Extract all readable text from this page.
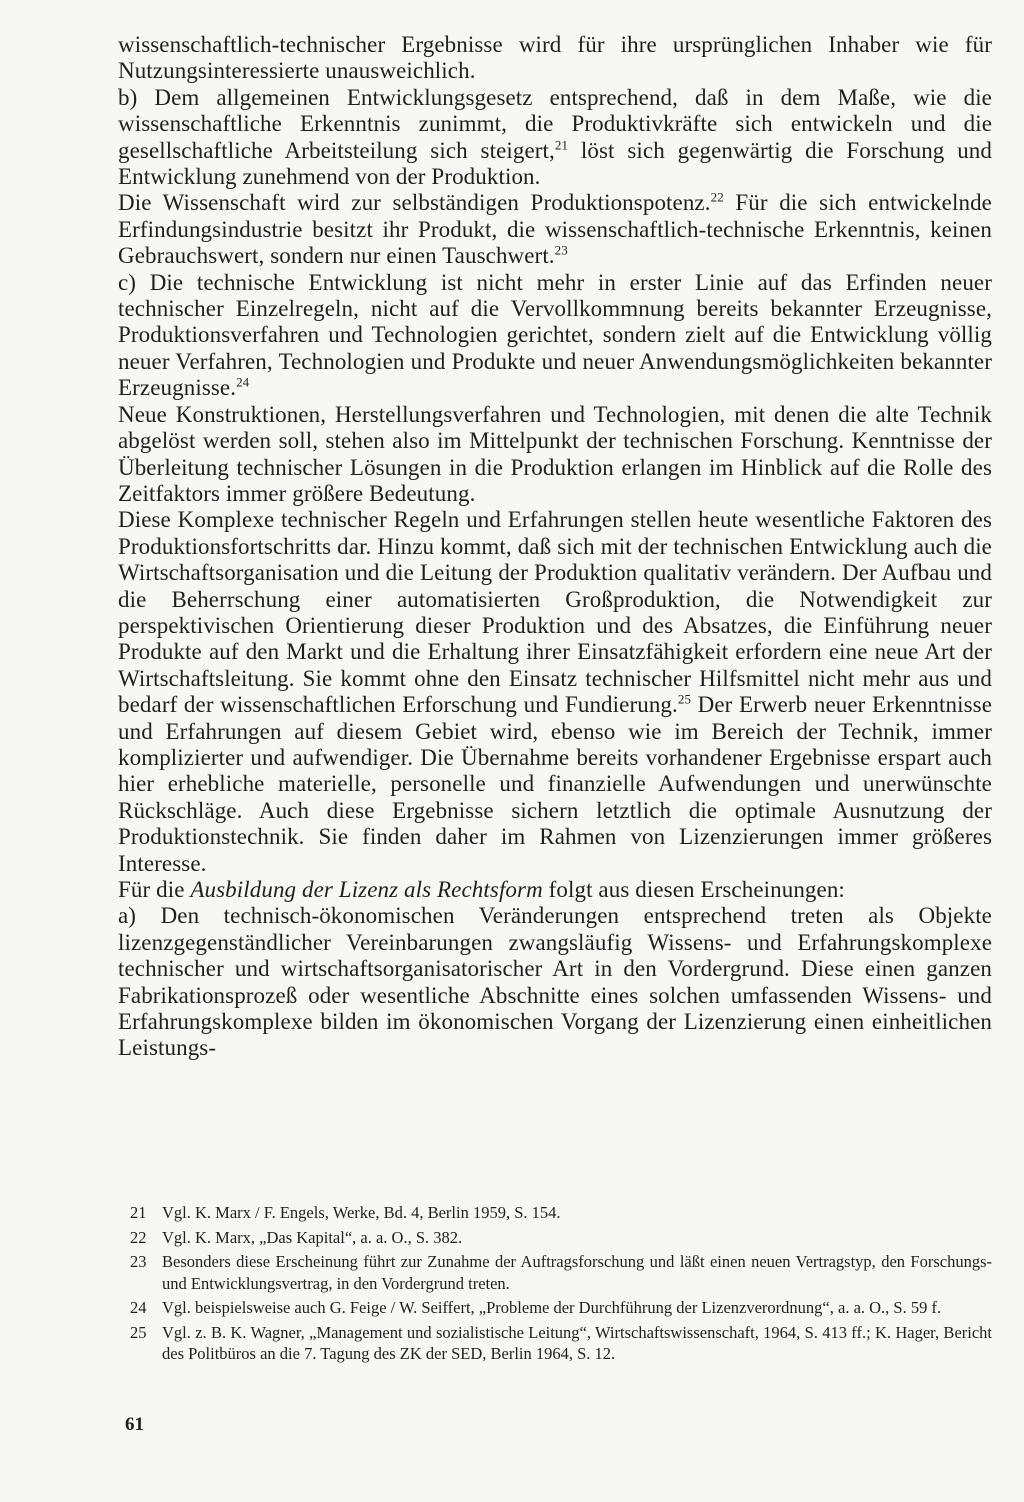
wissenschaftlich-technischer Ergebnisse wird für ihre ursprünglichen Inhaber wie für Nutzungsinteressierte unausweichlich.

b) Dem allgemeinen Entwicklungsgesetz entsprechend, daß in dem Maße, wie die wissenschaftliche Erkenntnis zunimmt, die Produktivkräfte sich entwickeln und die gesellschaftliche Arbeitsteilung sich steigert,$^{21}$ löst sich gegenwärtig die Forschung und Entwicklung zunehmend von der Produktion.

Die Wissenschaft wird zur selbständigen Produktionspotenz.$^{22}$ Für die sich entwickelnde Erfindungsindustrie besitzt ihr Produkt, die wissenschaftlich-technische Erkenntnis, keinen Gebrauchswert, sondern nur einen Tauschwert.$^{23}$

c) Die technische Entwicklung ist nicht mehr in erster Linie auf das Erfinden neuer technischer Einzelregeln, nicht auf die Vervollkommnung bereits bekannter Erzeugnisse, Produktionsverfahren und Technologien gerichtet, sondern zielt auf die Entwicklung völlig neuer Verfahren, Technologien und Produkte und neuer Anwendungsmöglichkeiten bekannter Erzeugnisse.$^{24}$

Neue Konstruktionen, Herstellungsverfahren und Technologien, mit denen die alte Technik abgelöst werden soll, stehen also im Mittelpunkt der technischen Forschung. Kenntnisse der Überleitung technischer Lösungen in die Produktion erlangen im Hinblick auf die Rolle des Zeitfaktors immer größere Bedeutung.

Diese Komplexe technischer Regeln und Erfahrungen stellen heute wesentliche Faktoren des Produktionsfortschritts dar. Hinzu kommt, daß sich mit der technischen Entwicklung auch die Wirtschaftsorganisation und die Leitung der Produktion qualitativ verändern. Der Aufbau und die Beherrschung einer automatisierten Großproduktion, die Notwendigkeit zur perspektivischen Orientierung dieser Produktion und des Absatzes, die Einführung neuer Produkte auf den Markt und die Erhaltung ihrer Einsatzfähigkeit erfordern eine neue Art der Wirtschaftsleitung. Sie kommt ohne den Einsatz technischer Hilfsmittel nicht mehr aus und bedarf der wissenschaftlichen Erforschung und Fundierung.$^{25}$ Der Erwerb neuer Erkenntnisse und Erfahrungen auf diesem Gebiet wird, ebenso wie im Bereich der Technik, immer komplizierter und aufwendiger. Die Übernahme bereits vorhandener Ergebnisse erspart auch hier erhebliche materielle, personelle und finanzielle Aufwendungen und unerwünschte Rückschläge. Auch diese Ergebnisse sichern letztlich die optimale Ausnutzung der Produktionstechnik. Sie finden daher im Rahmen von Lizenzierungen immer größeres Interesse.

Für die Ausbildung der Lizenz als Rechtsform folgt aus diesen Erscheinungen:

a) Den technisch-ökonomischen Veränderungen entsprechend treten als Objekte lizenzgegenständlicher Vereinbarungen zwangsläufig Wissens- und Erfahrungskomplexe technischer und wirtschaftsorganisatorischer Art in den Vordergrund. Diese einen ganzen Fabrikationsprozeß oder wesentliche Abschnitte eines solchen umfassenden Wissens- und Erfahrungskomplexe bilden im ökonomischen Vorgang der Lizenzierung einen einheitlichen Leistungs-

21 Vgl. K. Marx / F. Engels, Werke, Bd. 4, Berlin 1959, S. 154.
22 Vgl. K. Marx, „Das Kapital“, a. a. O., S. 382.
23 Besonders diese Erscheinung führt zur Zunahme der Auftragsforschung und läßt einen neuen Vertragstyp, den Forschungs- und Entwicklungsvertrag, in den Vordergrund treten.
24 Vgl. beispielsweise auch G. Feige / W. Seiffert, „Probleme der Durchführung der Lizenzverordnung“, a. a. O., S. 59 f.
25 Vgl. z. B. K. Wagner, „Management und sozialistische Leitung“, Wirtschaftswissenschaft, 1964, S. 413 ff.; K. Hager, Bericht des Politbüros an die 7. Tagung des ZK der SED, Berlin 1964, S. 12.
61
